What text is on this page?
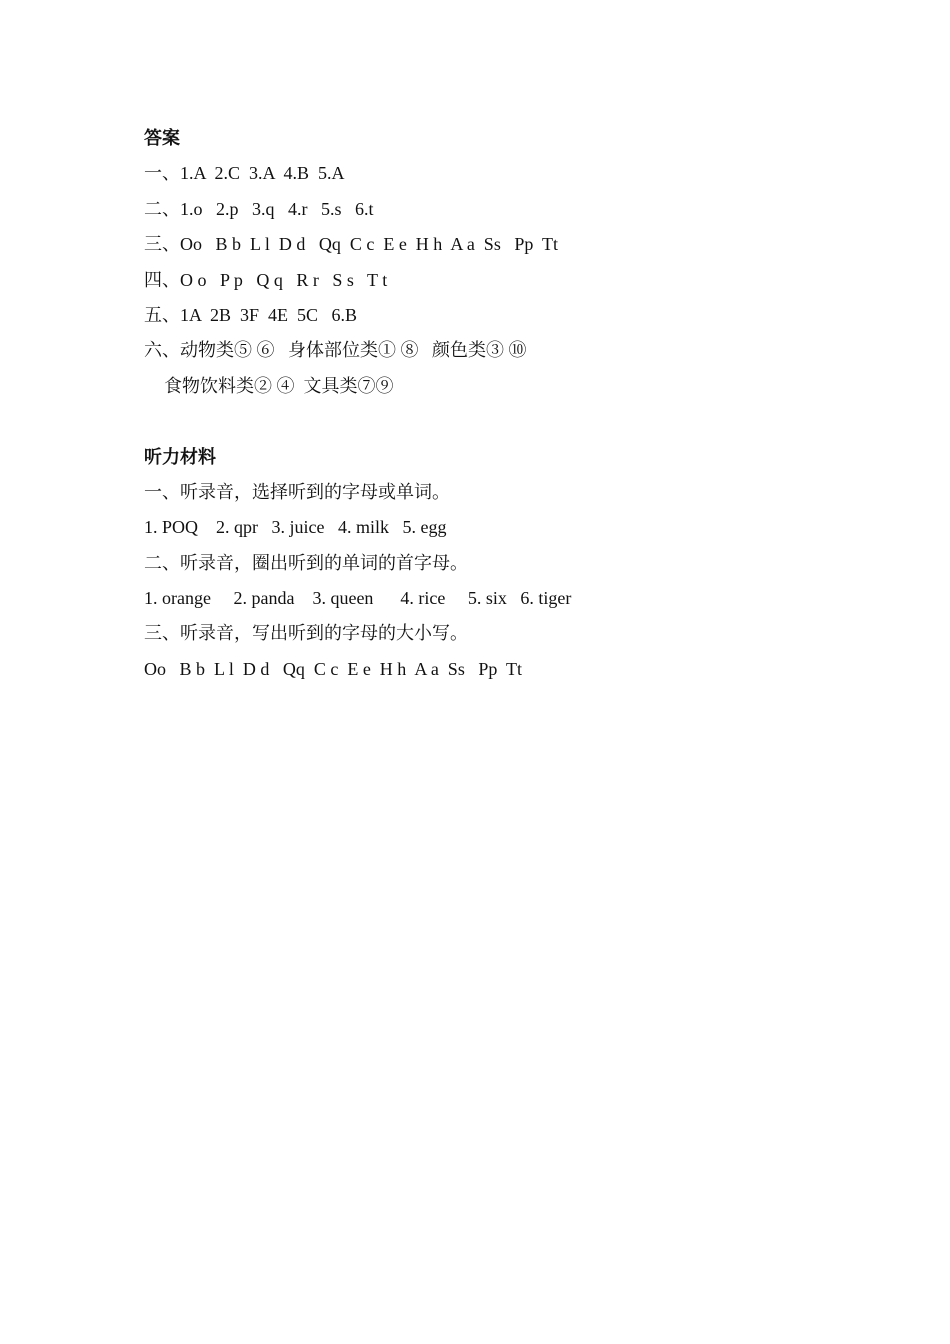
答案
一、1.A  2.C  3.A  4.B  5.A
二、1.o   2.p   3.q   4.r   5.s   6.t
三、Oo   B b  L l  D d   Qq  C c  E e  H h  A a  Ss   Pp  Tt
四、O o   P p   Q q   R r   S s   T t
五、1A  2B  3F  4E  5C   6.B
六、动物类⑤ ⑥   身体部位类① ⑧   颜色类③ ⑩
食物饮料类② ④  文具类⑦⑨
听力材料
一、听录音，选择听到的字母或单词。
1. POQ    2. qpr   3. juice   4. milk   5. egg
二、听录音，圈出听到的单词的首字母。
1. orange     2. panda    3. queen      4. rice     5. six   6. tiger
三、听录音，写出听到的字母的大小写。
Oo   B b  L l  D d   Qq  C c  E e  H h  A a  Ss   Pp  Tt
